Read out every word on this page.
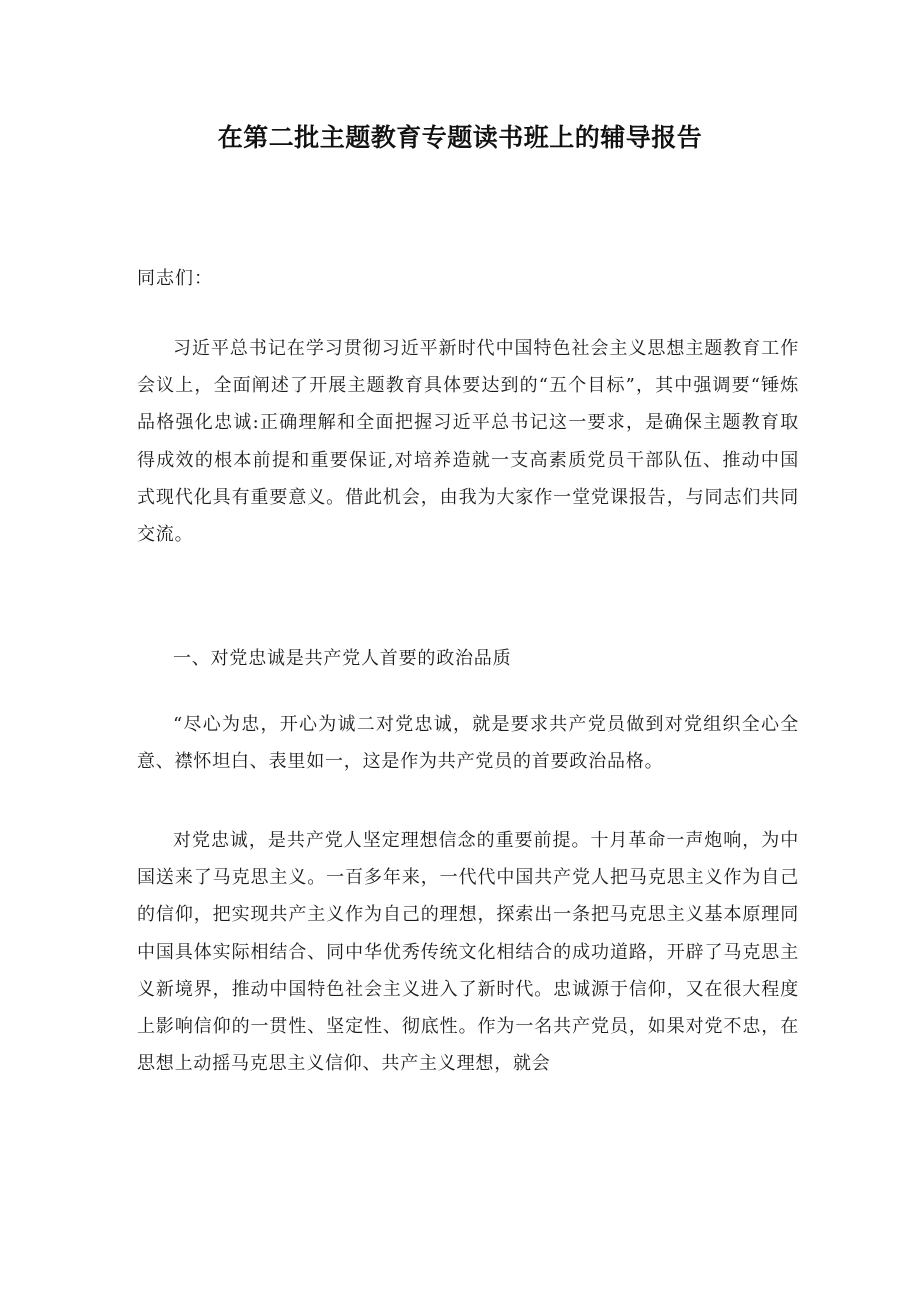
在第二批主题教育专题读书班上的辅导报告
同志们：
习近平总书记在学习贯彻习近平新时代中国特色社会主义思想主题教育工作会议上，全面阐述了开展主题教育具体要达到的“五个目标”，其中强调要“锤炼品格强化忠诚:正确理解和全面把握习近平总书记这一要求，是确保主题教育取得成效的根本前提和重要保证,对培养造就一支高素质党员干部队伍、推动中国式现代化具有重要意义。借此机会，由我为大家作一堂党课报告，与同志们共同交流。
一、对党忠诚是共产党人首要的政治品质
“尽心为忠，开心为诚二对党忠诚，就是要求共产党员做到对党组织全心全意、襟怀坦白、表里如一，这是作为共产党员的首要政治品格。
对党忠诚，是共产党人坚定理想信念的重要前提。十月革命一声炮响，为中国送来了马克思主义。一百多年来，一代代中国共产党人把马克思主义作为自己的信仰，把实现共产主义作为自己的理想，探索出一条把马克思主义基本原理同中国具体实际相结合、同中华优秀传统文化相结合的成功道路，开辟了马克思主义新境界，推动中国特色社会主义进入了新时代。忠诚源于信仰，又在很大程度上影响信仰的一贯性、坚定性、彻底性。作为一名共产党员，如果对党不忠，在思想上动摇马克思主义信仰、共产主义理想，就会
